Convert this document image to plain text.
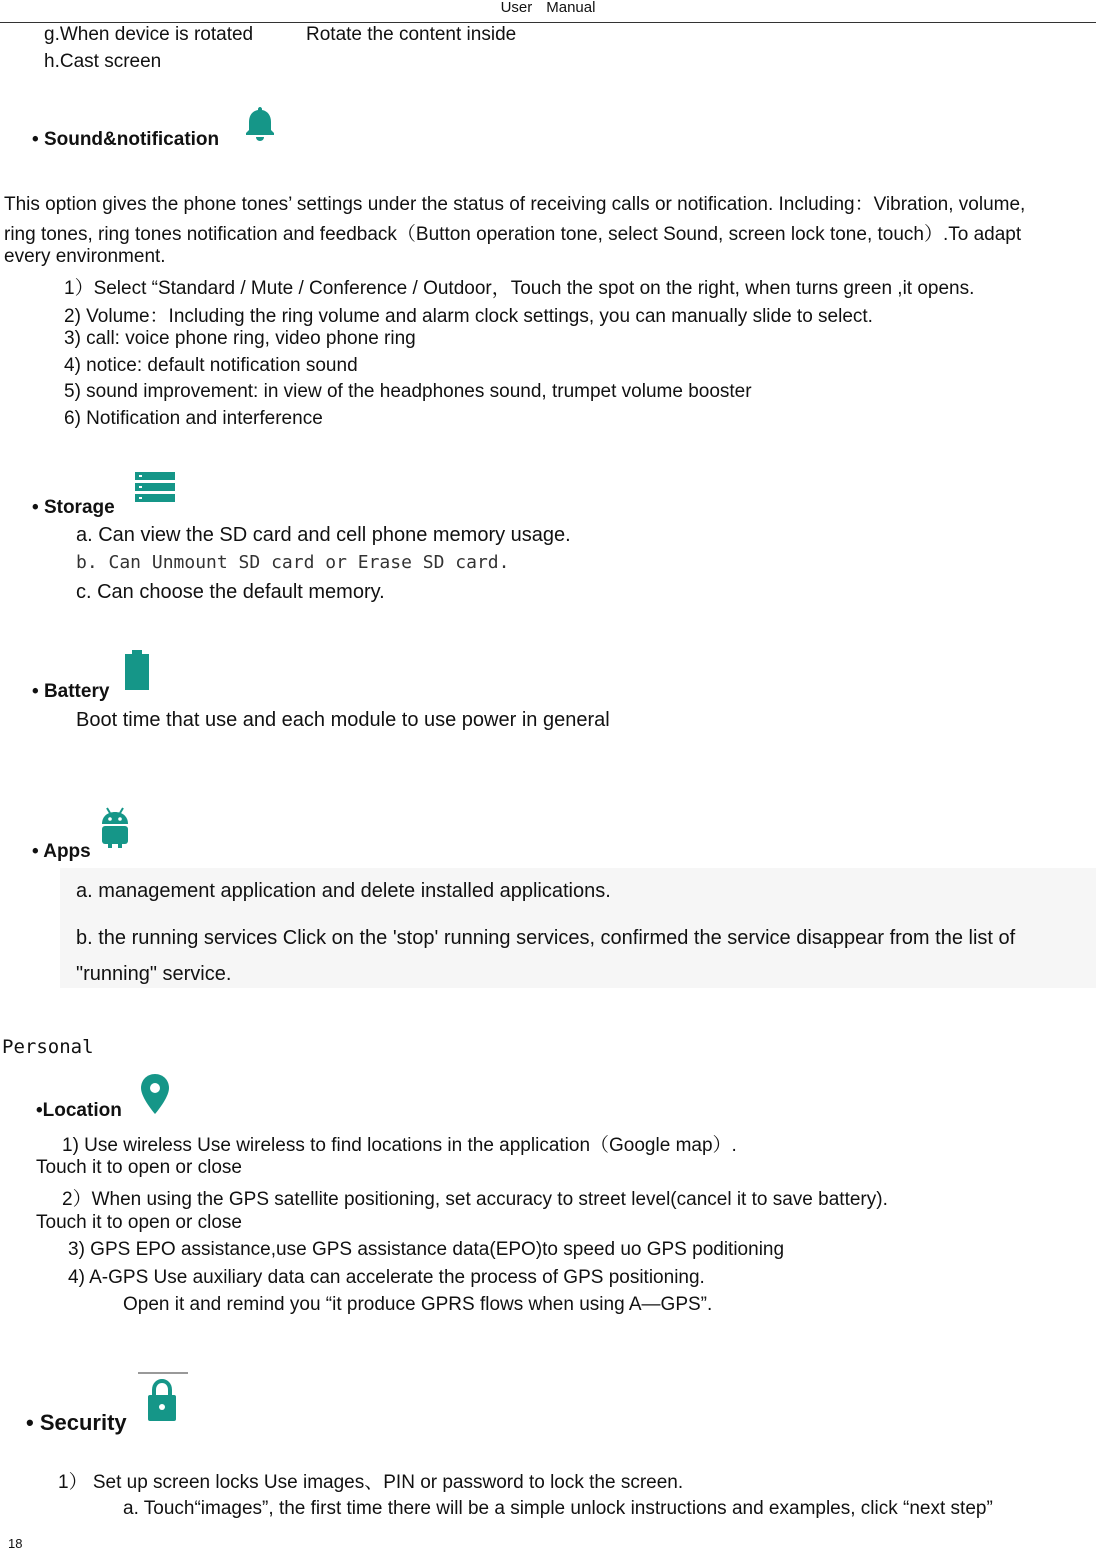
User Manual
g.When device is rotated	Rotate the content inside
h.Cast screen
• Sound&notification
This option gives the phone tones’ settings under the status of receiving calls or notification. Including：Vibration, volume,
ring tones, ring tones notification and feedback（Button operation tone, select Sound, screen lock tone, touch）.To adapt
every environment.
1）Select “Standard / Mute / Conference / Outdoor，Touch the spot on the right, when turns green ,it opens.
2) Volume：Including the ring volume and alarm clock settings, you can manually slide to select.
3) call: voice phone ring, video phone ring
4) notice: default notification sound
5) sound improvement: in view of the headphones sound, trumpet volume booster
6) Notification and interference
• Storage
a. Can view the SD card and cell phone memory usage.
b. Can Unmount SD card or Erase SD card.
c. Can choose the default memory.
• Battery
Boot time that use and each module to use power in general
• Apps
a. management application and delete installed applications.
b. the running services Click on the 'stop' running services, confirmed the service disappear from the list of
"running" service.
Personal
•Location
1) Use wireless Use wireless to find locations in the application（Google map）.
Touch it to open or close
2）When using the GPS satellite positioning, set accuracy to street level(cancel it to save battery).
Touch it to open or close
3) GPS EPO assistance,use GPS assistance data(EPO)to speed uo GPS poditioning
4) A-GPS Use auxiliary data can accelerate the process of GPS positioning.
Open it and remind you “it produce GPRS flows when using A—GPS”.
• Security
1） Set up screen locks Use images、PIN or password to lock the screen.
a. Touch“images”, the first time there will be a simple unlock instructions and examples, click “next step”
18
